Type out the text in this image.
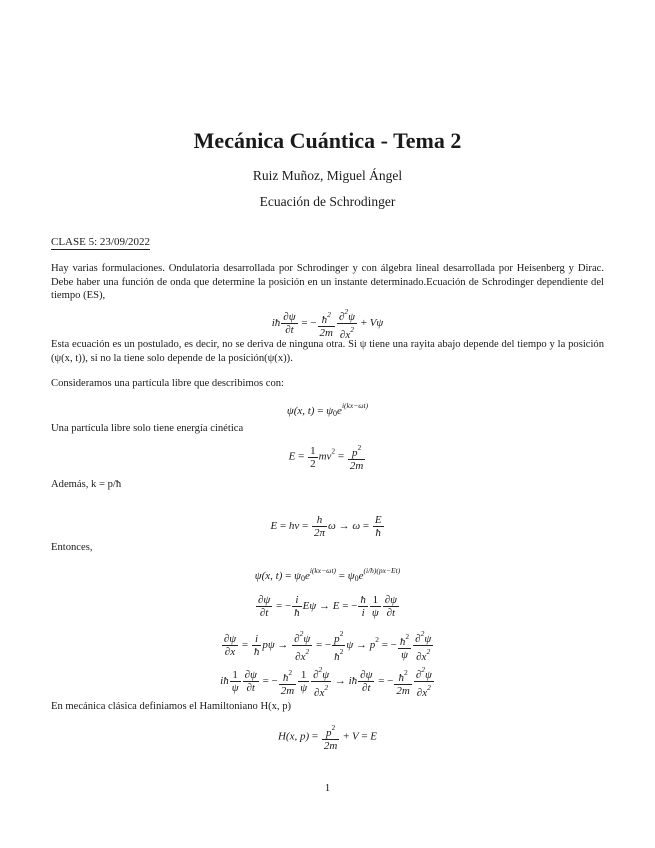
Mecánica Cuántica - Tema 2
Ruiz Muñoz, Miguel Ángel
Ecuación de Schrodinger
CLASE 5: 23/09/2022
Hay varias formulaciones. Ondulatoria desarrollada por Schrodinger y con álgebra lineal desarrollada por Heisenberg y Dirac. Debe haber una función de onda que determine la posición en un instante determinado.Ecuación de Schrodinger dependiente del tiempo (ES),
iħ $\frac{\partial\psi}{\partial t}$ = − $\frac{ħ^2}{2m} \frac{\partial^2\psi}{\partial x^2} + V\psi$
Esta ecuación es un postulado, es decir, no se deriva de ninguna otra. Si ψ tiene una rayita abajo depende del tiempo y la posición (ψ(x, t)), si no la tiene solo depende de la posición(ψ(x)).
Consideramos una partícula libre que describimos con:
ψ(x, $t) = \psi 0e^{i(kx-\omega t)}$
Una partícula libre solo tiene energía cinética
$E = \frac{1}{2} mv^2 = \frac{p^2}{2m}$
Además, k = p/ħ
$E = h\nu = \frac{h}{2\pi}$ $\omega \to \omega = \frac{E}{ħ}$
Entonces,
ψ(x, $t) = \psi 0e^{i(kx-\omega t)} = \psi 0e^{(i/ħ)(px-Et)}$
$\frac{\partial\psi}{\partial t}$ = − $\frac{i}{ħ}$ Eψ → E = − $\frac{ħ}{i} \frac{1}{\psi} \frac{\partial\psi}{\partial t}$
$\frac{\partial\psi}{\partial x} = \frac{i}{ħ}$ $p\psi \to \frac{\partial^2\psi}{\partial x^2}$ = − $\frac{p^2}{ħ^2}$ $\psi \to p^2$ = − $\frac{ħ^2}{\psi} \frac{\partial^2\psi}{\partial x^2}$
iħ $\frac{1}{\psi} \frac{\partial\psi}{\partial t}$ = − $\frac{ħ^2}{2m} \frac{1}{\psi} \frac{\partial^2\psi}{\partial x^2}$ → iħ $\frac{\partial\psi}{\partial t}$ = − $\frac{ħ^2}{2m} \frac{\partial^2\psi}{\partial x^2}$
En mecánica clásica definiamos el Hamiltoniano H(x, p)
H(x, $p) = \frac{p^2}{2m} + V = E$
1
